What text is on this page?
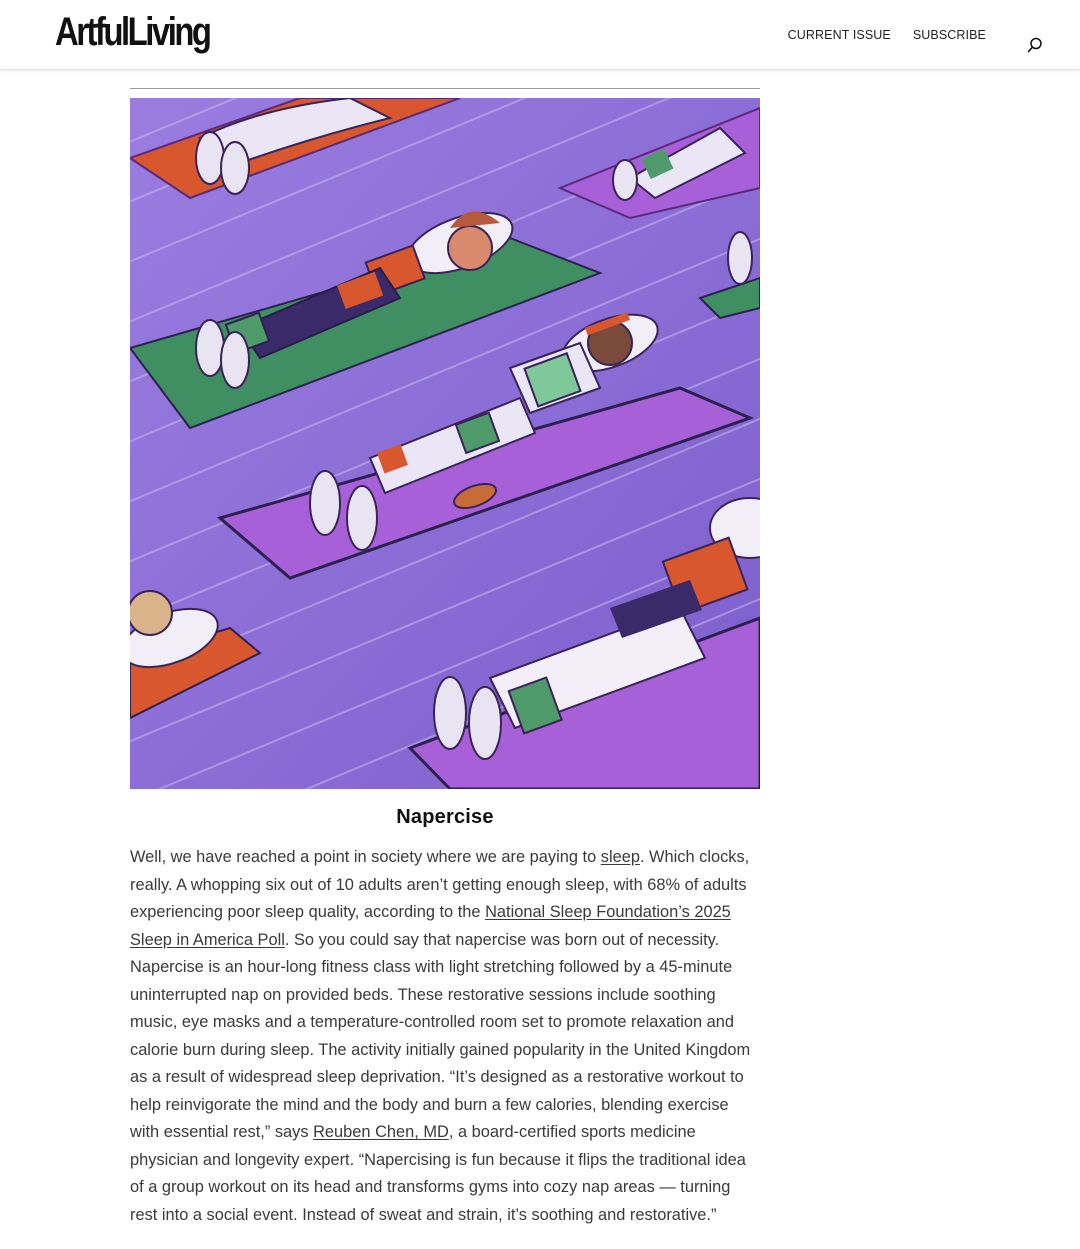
ArtfulLiving	CURRENT ISSUE SUBSCRIBE
Napercise

Well, we have reached a point in society where we are paying to sleep. Which clocks, really. A whopping six out of 10 adults aren’t getting enough sleep, with 68% of adults experiencing poor sleep quality, according to the National Sleep Foundation’s 2025 Sleep in America Poll. So you could say that napercise was born out of necessity. Napercise is an hour-long fitness class with light stretching followed by a 45-minute uninterrupted nap on provided beds. These restorative sessions include soothing music, eye masks and a temperature-controlled room set to promote relaxation and calorie burn during sleep. The activity initially gained popularity in the United Kingdom as a result of widespread sleep deprivation. “It’s designed as a restorative workout to help reinvigorate the mind and the body and burn a few calories, blending exercise with essential rest,” says Reuben Chen, MD, a board-certified sports medicine physician and longevity expert. “Napercising is fun because it flips the traditional idea of a group workout on its head and transforms gyms into cozy nap areas — turning rest into a social event. Instead of sweat and strain, it’s soothing and restorative.”
